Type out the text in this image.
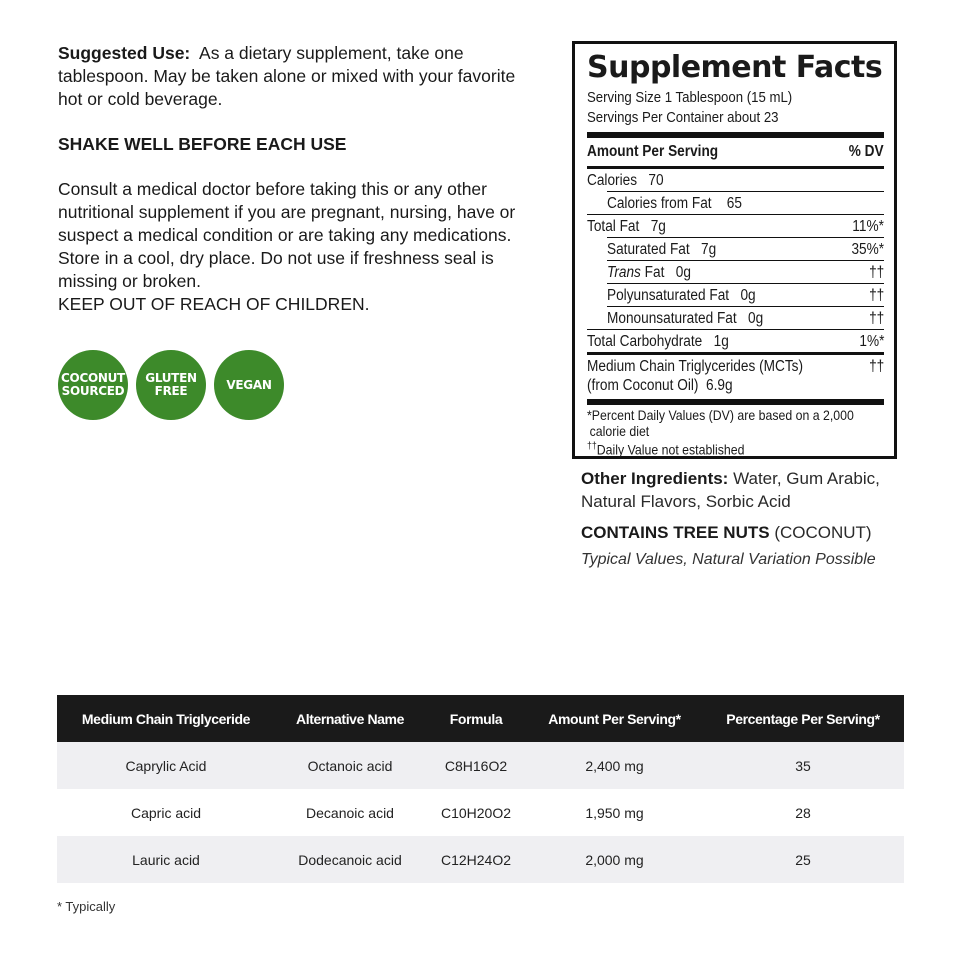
Suggested Use: As a dietary supplement, take one tablespoon. May be taken alone or mixed with your favorite hot or cold beverage.

SHAKE WELL BEFORE EACH USE

Consult a medical doctor before taking this or any other nutritional supplement if you are pregnant, nursing, have or suspect a medical condition or are taking any medications. Store in a cool, dry place. Do not use if freshness seal is missing or broken.

KEEP OUT OF REACH OF CHILDREN.

COCONUT
SOURCED
GLUTEN
FREE	VEGAN
Supplement Facts
Serving Size 1 Tablespoon (15 mL)
Servings Per Container about 23
Amount Per Serving	% DV
Calories 70
Calories from Fat 65
Total Fat 7g	11%*
Saturated Fat 7g	35%*
Trans Fat 0g	††
Polyunsaturated Fat 0g	††
Monounsaturated Fat 0g	††
Total Carbohydrate 1g	1%*
Medium Chain Triglycerides (MCTs)
(from Coconut Oil) 6.9g
††
*Percent Daily Values (DV) are based on a 2,000
calorie diet
††Daily Value not established

Other Ingredients: Water, Gum Arabic, Natural Flavors, Sorbic Acid

CONTAINS TREE NUTS (COCONUT)

Typical Values, Natural Variation Possible

Medium Chain Triglyceride	Alternative Name	Formula	Amount Per Serving*	Percentage Per Serving*
Caprylic Acid	Octanoic acid	C8H16O2	2,400 mg	35
Capric acid	Decanoic acid	C10H20O2	1,950 mg	28
Lauric acid	Dodecanoic acid	C12H24O2	2,000 mg	25
* Typically
